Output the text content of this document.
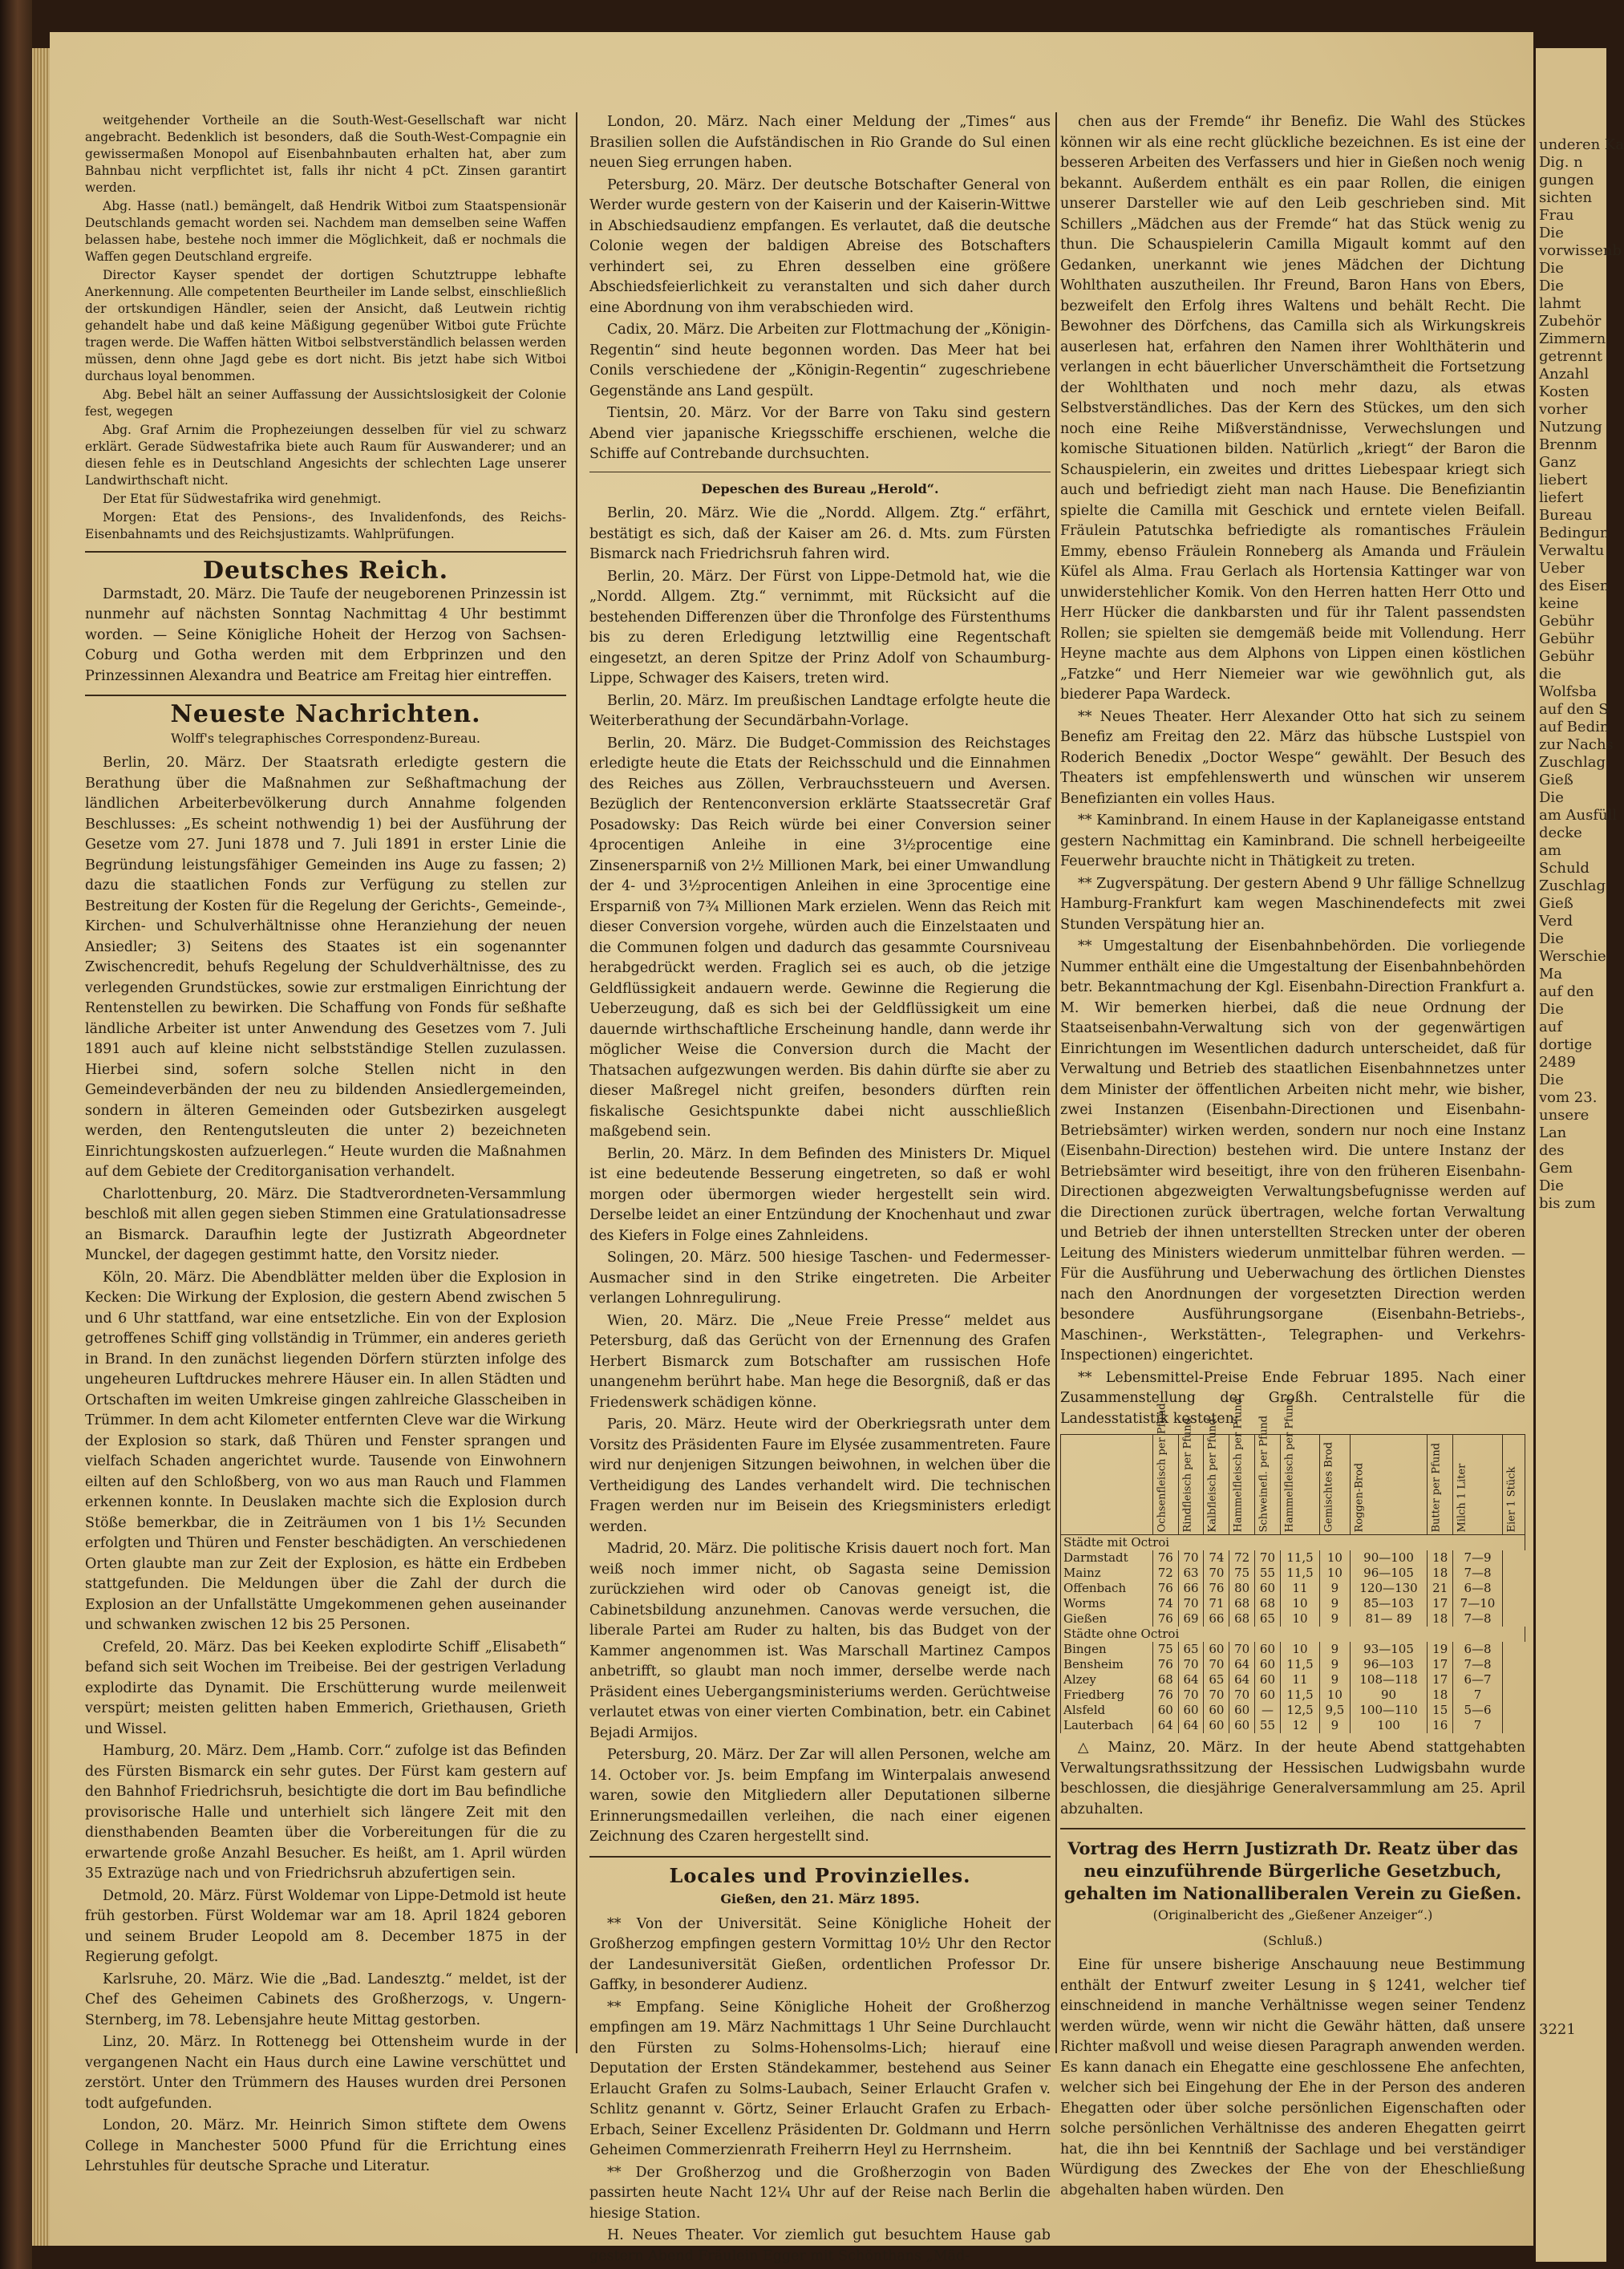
weitgehender Vortheile an die South-West-Gesellschaft war nicht angebracht. Bedenklich ist besonders, daß die South-West-Compagnie ein gewissermaßen Monopol auf Eisenbahnbauten erhalten hat, aber zum Bahnbau nicht verpflichtet ist, falls ihr nicht 4 pCt. Zinsen garantirt werden.

Abg. Hasse (natl.) bemängelt, daß Hendrik Witboi zum Staatspensionär Deutschlands gemacht worden sei. Nachdem man demselben seine Waffen belassen habe, bestehe noch immer die Möglichkeit, daß er nochmals die Waffen gegen Deutschland ergreife.

Director Kayser spendet der dortigen Schutztruppe lebhafte Anerkennung. Alle competenten Beurtheiler im Lande selbst, einschließlich der ortskundigen Händler, seien der Ansicht, daß Leutwein richtig gehandelt habe und daß keine Mäßigung gegenüber Witboi gute Früchte tragen werde. Die Waffen hätten Witboi selbstverständlich belassen werden müssen, denn ohne Jagd gebe es dort nicht. Bis jetzt habe sich Witboi durchaus loyal benommen.

Abg. Bebel hält an seiner Auffassung der Aussichtslosigkeit der Colonie fest, wegegen

Abg. Graf Arnim die Prophezeiungen desselben für viel zu schwarz erklärt. Gerade Südwestafrika biete auch Raum für Auswanderer; und an diesen fehle es in Deutschland Angesichts der schlechten Lage unserer Landwirthschaft nicht.

Der Etat für Südwestafrika wird genehmigt.

Morgen: Etat des Pensions-, des Invalidenfonds, des Reichs-Eisenbahnamts und des Reichsjustizamts. Wahlprüfungen.

Deutsches Reich.

Darmstadt, 20. März. Die Taufe der neugeborenen Prinzessin ist nunmehr auf nächsten Sonntag Nachmittag 4 Uhr bestimmt worden. — Seine Königliche Hoheit der Herzog von Sachsen-Coburg und Gotha werden mit dem Erbprinzen und den Prinzessinnen Alexandra und Beatrice am Freitag hier eintreffen.

Neueste Nachrichten.
Wolff's telegraphisches Correspondenz-Bureau.

Berlin, 20. März. Der Staatsrath erledigte gestern die Berathung über die Maßnahmen zur Seßhaftmachung der ländlichen Arbeiterbevölkerung durch Annahme folgenden Beschlusses: „Es scheint nothwendig 1) bei der Ausführung der Gesetze vom 27. Juni 1878 und 7. Juli 1891 in erster Linie die Begründung leistungsfähiger Gemeinden ins Auge zu fassen; 2) dazu die staatlichen Fonds zur Verfügung zu stellen zur Bestreitung der Kosten für die Regelung der Gerichts-, Gemeinde-, Kirchen- und Schulverhältnisse ohne Heranziehung der neuen Ansiedler; 3) Seitens des Staates ist ein sogenannter Zwischencredit, behufs Regelung der Schuldverhältnisse, des zu verlegenden Grundstückes, sowie zur erstmaligen Einrichtung der Rentenstellen zu bewirken. Die Schaffung von Fonds für seßhafte ländliche Arbeiter ist unter Anwendung des Gesetzes vom 7. Juli 1891 auch auf kleine nicht selbstständige Stellen zuzulassen. Hierbei sind, sofern solche Stellen nicht in den Gemeindeverbänden der neu zu bildenden Ansiedlergemeinden, sondern in älteren Gemeinden oder Gutsbezirken ausgelegt werden, den Rentengutsleuten die unter 2) bezeichneten Einrichtungskosten aufzuerlegen.“ Heute wurden die Maßnahmen auf dem Gebiete der Creditorganisation verhandelt.

Charlottenburg, 20. März. Die Stadtverordneten-Versammlung beschloß mit allen gegen sieben Stimmen eine Gratulationsadresse an Bismarck. Daraufhin legte der Justizrath Abgeordneter Munckel, der dagegen gestimmt hatte, den Vorsitz nieder.

Köln, 20. März. Die Abendblätter melden über die Explosion in Kecken: Die Wirkung der Explosion, die gestern Abend zwischen 5 und 6 Uhr stattfand, war eine entsetzliche. Ein von der Explosion getroffenes Schiff ging vollständig in Trümmer, ein anderes gerieth in Brand. In den zunächst liegenden Dörfern stürzten infolge des ungeheuren Luftdruckes mehrere Häuser ein. In allen Städten und Ortschaften im weiten Umkreise gingen zahlreiche Glasscheiben in Trümmer. In dem acht Kilometer entfernten Cleve war die Wirkung der Explosion so stark, daß Thüren und Fenster sprangen und vielfach Schaden angerichtet wurde. Tausende von Einwohnern eilten auf den Schloßberg, von wo aus man Rauch und Flammen erkennen konnte. In Deuslaken machte sich die Explosion durch Stöße bemerkbar, die in Zeiträumen von 1 bis 1½ Secunden erfolgten und Thüren und Fenster beschädigten. An verschiedenen Orten glaubte man zur Zeit der Explosion, es hätte ein Erdbeben stattgefunden. Die Meldungen über die Zahl der durch die Explosion an der Unfallstätte Umgekommenen gehen auseinander und schwanken zwischen 12 bis 25 Personen.

Crefeld, 20. März. Das bei Keeken explodirte Schiff „Elisabeth“ befand sich seit Wochen im Treibeise. Bei der gestrigen Verladung explodirte das Dynamit. Die Erschütterung wurde meilenweit verspürt; meisten gelitten haben Emmerich, Griethausen, Grieth und Wissel.

Hamburg, 20. März. Dem „Hamb. Corr.“ zufolge ist das Befinden des Fürsten Bismarck ein sehr gutes. Der Fürst kam gestern auf den Bahnhof Friedrichsruh, besichtigte die dort im Bau befindliche provisorische Halle und unterhielt sich längere Zeit mit den diensthabenden Beamten über die Vorbereitungen für die zu erwartende große Anzahl Besucher. Es heißt, am 1. April würden 35 Extrazüge nach und von Friedrichsruh abzufertigen sein.

Detmold, 20. März. Fürst Woldemar von Lippe-Detmold ist heute früh gestorben. Fürst Woldemar war am 18. April 1824 geboren und seinem Bruder Leopold am 8. December 1875 in der Regierung gefolgt.

Karlsruhe, 20. März. Wie die „Bad. Landesztg.“ meldet, ist der Chef des Geheimen Cabinets des Großherzogs, v. Ungern-Sternberg, im 78. Lebensjahre heute Mittag gestorben.

Linz, 20. März. In Rottenegg bei Ottensheim wurde in der vergangenen Nacht ein Haus durch eine Lawine verschüttet und zerstört. Unter den Trümmern des Hauses wurden drei Personen todt aufgefunden.

London, 20. März. Mr. Heinrich Simon stiftete dem Owens College in Manchester 5000 Pfund für die Errichtung eines Lehrstuhles für deutsche Sprache und Literatur.

London, 20. März. Nach einer Meldung der „Times“ aus Brasilien sollen die Aufständischen in Rio Grande do Sul einen neuen Sieg errungen haben.

Petersburg, 20. März. Der deutsche Botschafter General von Werder wurde gestern von der Kaiserin und der Kaiserin-Wittwe in Abschiedsaudienz empfangen. Es verlautet, daß die deutsche Colonie wegen der baldigen Abreise des Botschafters verhindert sei, zu Ehren desselben eine größere Abschiedsfeierlichkeit zu veranstalten und sich daher durch eine Abordnung von ihm verabschieden wird.

Cadix, 20. März. Die Arbeiten zur Flottmachung der „Königin-Regentin“ sind heute begonnen worden. Das Meer hat bei Conils verschiedene der „Königin-Regentin“ zugeschriebene Gegenstände ans Land gespült.

Tientsin, 20. März. Vor der Barre von Taku sind gestern Abend vier japanische Kriegsschiffe erschienen, welche die Schiffe auf Contrebande durchsuchten.

Depeschen des Bureau „Herold“.

Berlin, 20. März. Wie die „Nordd. Allgem. Ztg.“ erfährt, bestätigt es sich, daß der Kaiser am 26. d. Mts. zum Fürsten Bismarck nach Friedrichsruh fahren wird.

Berlin, 20. März. Der Fürst von Lippe-Detmold hat, wie die „Nordd. Allgem. Ztg.“ vernimmt, mit Rücksicht auf die bestehenden Differenzen über die Thronfolge des Fürstenthums bis zu deren Erledigung letztwillig eine Regentschaft eingesetzt, an deren Spitze der Prinz Adolf von Schaumburg-Lippe, Schwager des Kaisers, treten wird.

Berlin, 20. März. Im preußischen Landtage erfolgte heute die Weiterberathung der Secundärbahn-Vorlage.

Berlin, 20. März. Die Budget-Commission des Reichstages erledigte heute die Etats der Reichsschuld und die Einnahmen des Reiches aus Zöllen, Verbrauchssteuern und Aversen. Bezüglich der Rentenconversion erklärte Staatssecretär Graf Posadowsky: Das Reich würde bei einer Conversion seiner 4procentigen Anleihe in eine 3½procentige eine Zinsenersparniß von 2½ Millionen Mark, bei einer Umwandlung der 4- und 3½procentigen Anleihen in eine 3procentige eine Ersparniß von 7¾ Millionen Mark erzielen. Wenn das Reich mit dieser Conversion vorgehe, würden auch die Einzelstaaten und die Communen folgen und dadurch das gesammte Coursniveau herabgedrückt werden. Fraglich sei es auch, ob die jetzige Geldflüssigkeit andauern werde. Gewinne die Regierung die Ueberzeugung, daß es sich bei der Geldflüssigkeit um eine dauernde wirthschaftliche Erscheinung handle, dann werde ihr möglicher Weise die Conversion durch die Macht der Thatsachen aufgezwungen werden. Bis dahin dürfte sie aber zu dieser Maßregel nicht greifen, besonders dürften rein fiskalische Gesichtspunkte dabei nicht ausschließlich maßgebend sein.

Berlin, 20. März. In dem Befinden des Ministers Dr. Miquel ist eine bedeutende Besserung eingetreten, so daß er wohl morgen oder übermorgen wieder hergestellt sein wird. Derselbe leidet an einer Entzündung der Knochenhaut und zwar des Kiefers in Folge eines Zahnleidens.

Solingen, 20. März. 500 hiesige Taschen- und Federmesser-Ausmacher sind in den Strike eingetreten. Die Arbeiter verlangen Lohnregulirung.

Wien, 20. März. Die „Neue Freie Presse“ meldet aus Petersburg, daß das Gerücht von der Ernennung des Grafen Herbert Bismarck zum Botschafter am russischen Hofe unangenehm berührt habe. Man hege die Besorgniß, daß er das Friedenswerk schädigen könne.

Paris, 20. März. Heute wird der Oberkriegsrath unter dem Vorsitz des Präsidenten Faure im Elysée zusammentreten. Faure wird nur denjenigen Sitzungen beiwohnen, in welchen über die Vertheidigung des Landes verhandelt wird. Die technischen Fragen werden nur im Beisein des Kriegsministers erledigt werden.

Madrid, 20. März. Die politische Krisis dauert noch fort. Man weiß noch immer nicht, ob Sagasta seine Demission zurückziehen wird oder ob Canovas geneigt ist, die Cabinetsbildung anzunehmen. Canovas werde versuchen, die liberale Partei am Ruder zu halten, bis das Budget von der Kammer angenommen ist. Was Marschall Martinez Campos anbetrifft, so glaubt man noch immer, derselbe werde nach Präsident eines Uebergangsministeriums werden. Gerüchtweise verlautet etwas von einer vierten Combination, betr. ein Cabinet Bejadi Armijos.

Petersburg, 20. März. Der Zar will allen Personen, welche am 14. October vor. Js. beim Empfang im Winterpalais anwesend waren, sowie den Mitgliedern aller Deputationen silberne Erinnerungsmedaillen verleihen, die nach einer eigenen Zeichnung des Czaren hergestellt sind.

Locales und Provinzielles.
Gießen, den 21. März 1895.

** Von der Universität. Seine Königliche Hoheit der Großherzog empfingen gestern Vormittag 10½ Uhr den Rector der Landesuniversität Gießen, ordentlichen Professor Dr. Gaffky, in besonderer Audienz.

** Empfang. Seine Königliche Hoheit der Großherzog empfingen am 19. März Nachmittags 1 Uhr Seine Durchlaucht den Fürsten zu Solms-Hohensolms-Lich; hierauf eine Deputation der Ersten Ständekammer, bestehend aus Seiner Erlaucht Grafen zu Solms-Laubach, Seiner Erlaucht Grafen v. Schlitz genannt v. Görtz, Seiner Erlaucht Grafen zu Erbach-Erbach, Seiner Excellenz Präsidenten Dr. Goldmann und Herrn Geheimen Commerzienrath Freiherrn Heyl zu Herrnsheim.

** Der Großherzog und die Großherzogin von Baden passirten heute Nacht 12¼ Uhr auf der Reise nach Berlin die hiesige Station.

H. Neues Theater. Vor ziemlich gut besuchtem Hause gab gestern Abend Fräulein Egger mit Schönthans „Mäd-

chen aus der Fremde“ ihr Benefiz. Die Wahl des Stückes können wir als eine recht glückliche bezeichnen. Es ist eine der besseren Arbeiten des Verfassers und hier in Gießen noch wenig bekannt. Außerdem enthält es ein paar Rollen, die einigen unserer Darsteller wie auf den Leib geschrieben sind. Mit Schillers „Mädchen aus der Fremde“ hat das Stück wenig zu thun. Die Schauspielerin Camilla Migault kommt auf den Gedanken, unerkannt wie jenes Mädchen der Dichtung Wohlthaten auszutheilen. Ihr Freund, Baron Hans von Ebers, bezweifelt den Erfolg ihres Waltens und behält Recht. Die Bewohner des Dörfchens, das Camilla sich als Wirkungskreis auserlesen hat, erfahren den Namen ihrer Wohlthäterin und verlangen in echt bäuerlicher Unverschämtheit die Fortsetzung der Wohlthaten und noch mehr dazu, als etwas Selbstverständliches. Das der Kern des Stückes, um den sich noch eine Reihe Mißverständnisse, Verwechslungen und komische Situationen bilden. Natürlich „kriegt“ der Baron die Schauspielerin, ein zweites und drittes Liebespaar kriegt sich auch und befriedigt zieht man nach Hause. Die Benefiziantin spielte die Camilla mit Geschick und erntete vielen Beifall. Fräulein Patutschka befriedigte als romantisches Fräulein Emmy, ebenso Fräulein Ronneberg als Amanda und Fräulein Küfel als Alma. Frau Gerlach als Hortensia Kattinger war von unwiderstehlicher Komik. Von den Herren hatten Herr Otto und Herr Hücker die dankbarsten und für ihr Talent passendsten Rollen; sie spielten sie demgemäß beide mit Vollendung. Herr Heyne machte aus dem Alphons von Lippen einen köstlichen „Fatzke“ und Herr Niemeier war wie gewöhnlich gut, als biederer Papa Wardeck.

** Neues Theater. Herr Alexander Otto hat sich zu seinem Benefiz am Freitag den 22. März das hübsche Lustspiel von Roderich Benedix „Doctor Wespe“ gewählt. Der Besuch des Theaters ist empfehlenswerth und wünschen wir unserem Benefizianten ein volles Haus.

** Kaminbrand. In einem Hause in der Kaplaneigasse entstand gestern Nachmittag ein Kaminbrand. Die schnell herbeigeeilte Feuerwehr brauchte nicht in Thätigkeit zu treten.

** Zugverspätung. Der gestern Abend 9 Uhr fällige Schnellzug Hamburg-Frankfurt kam wegen Maschinendefects mit zwei Stunden Verspätung hier an.

** Umgestaltung der Eisenbahnbehörden. Die vorliegende Nummer enthält eine die Umgestaltung der Eisenbahnbehörden betr. Bekanntmachung der Kgl. Eisenbahn-Direction Frankfurt a. M. Wir bemerken hierbei, daß die neue Ordnung der Staatseisenbahn-Verwaltung sich von der gegenwärtigen Einrichtungen im Wesentlichen dadurch unterscheidet, daß für Verwaltung und Betrieb des staatlichen Eisenbahnnetzes unter dem Minister der öffentlichen Arbeiten nicht mehr, wie bisher, zwei Instanzen (Eisenbahn-Directionen und Eisenbahn-Betriebsämter) wirken werden, sondern nur noch eine Instanz (Eisenbahn-Direction) bestehen wird. Die untere Instanz der Betriebsämter wird beseitigt, ihre von den früheren Eisenbahn-Directionen abgezweigten Verwaltungsbefugnisse werden auf die Directionen zurück übertragen, welche fortan Verwaltung und Betrieb der ihnen unterstellten Strecken unter der oberen Leitung des Ministers wiederum unmittelbar führen werden. — Für die Ausführung und Ueberwachung des örtlichen Dienstes nach den Anordnungen der vorgesetzten Direction werden besondere Ausführungsorgane (Eisenbahn-Betriebs-, Maschinen-, Werkstätten-, Telegraphen- und Verkehrs-Inspectionen) eingerichtet.

** Lebensmittel-Preise Ende Februar 1895. Nach einer Zusammenstellung der Großh. Centralstelle für die Landesstatistik kosteten:

	Ochsenfleisch per Pfund	Rindfleisch per Pfund	Kalbfleisch per Pfund	Hammelfleisch per Pfund	Schweinefl. per Pfund	Hammelfleisch per Pfund	Gemischtes Brod	Roggen-Brod	Butter per Pfund	Milch 1 Liter	Eier 1 Stück
Städte mit Octroi											
Darmstadt	76	70	74	72	70	11,5	10	90—100	18	7—9	
Mainz	72	63	70	75	55	11,5	10	96—105	18	7—8	
Offenbach	76	66	76	80	60	11	9	120—130	21	6—8	
Worms	74	70	71	68	68	10	9	85—103	17	7—10	
Gießen	76	69	66	68	65	10	9	81— 89	18	7—8	
Städte ohne Octroi											
Bingen	75	65	60	70	60	10	9	93—105	19	6—8	
Bensheim	76	70	70	64	60	11,5	9	96—103	17	7—8	
Alzey	68	64	65	64	60	11	9	108—118	17	6—7	
Friedberg	76	70	70	70	60	11,5	10	90	18	7	
Alsfeld	60	60	60	60	—	12,5	9,5	100—110	15	5—6	
Lauterbach	64	64	60	60	55	12	9	100	16	7	

△ Mainz, 20. März. In der heute Abend stattgehabten Verwaltungsrathssitzung der Hessischen Ludwigsbahn wurde beschlossen, die diesjährige Generalversammlung am 25. April abzuhalten.

Vortrag des Herrn Justizrath Dr. Reatz über das neu einzuführende Bürgerliche Gesetzbuch, gehalten im Nationalliberalen Verein zu Gießen.
(Originalbericht des „Gießener Anzeiger“.)
(Schluß.)

Eine für unsere bisherige Anschauung neue Bestimmung enthält der Entwurf zweiter Lesung in § 1241, welcher tief einschneidend in manche Verhältnisse wegen seiner Tendenz werden würde, wenn wir nicht die Gewähr hätten, daß unsere Richter maßvoll und weise diesen Paragraph anwenden werden. Es kann danach ein Ehegatte eine geschlossene Ehe anfechten, welcher sich bei Eingehung der Ehe in der Person des anderen Ehegatten oder über solche persönlichen Eigenschaften oder solche persönlichen Verhältnisse des anderen Ehegatten geirrt hat, die ihn bei Kenntniß der Sachlage und bei verständiger Würdigung des Zweckes der Ehe von der Eheschließung abgehalten haben würden. Den

underen Ka
Dig. n
gungen
sichten
Frau
Die
vorwissenb
Die
Die
lahmt
Zubehör
Zimmern
getrennt
Anzahl
Kosten
vorher
Nutzung
Brennm
Ganz
liebert
liefert
Bureau
Bedingun
Verwaltu
Ueber
des Eisen
keine
Gebühr
Gebühr
Gebühr
die
Wolfsba
auf den S
auf Bedin
zur Nachs
Zuschlag
Gieß
Die
am Ausfüll
decke
am
Schuld
Zuschlag
Gieß
Verd
Die
Werschie
Ma
auf den
Die
auf
dortige
2489
Die
vom 23.
unsere
Lan
des
Gem
Die
bis zum
3221
